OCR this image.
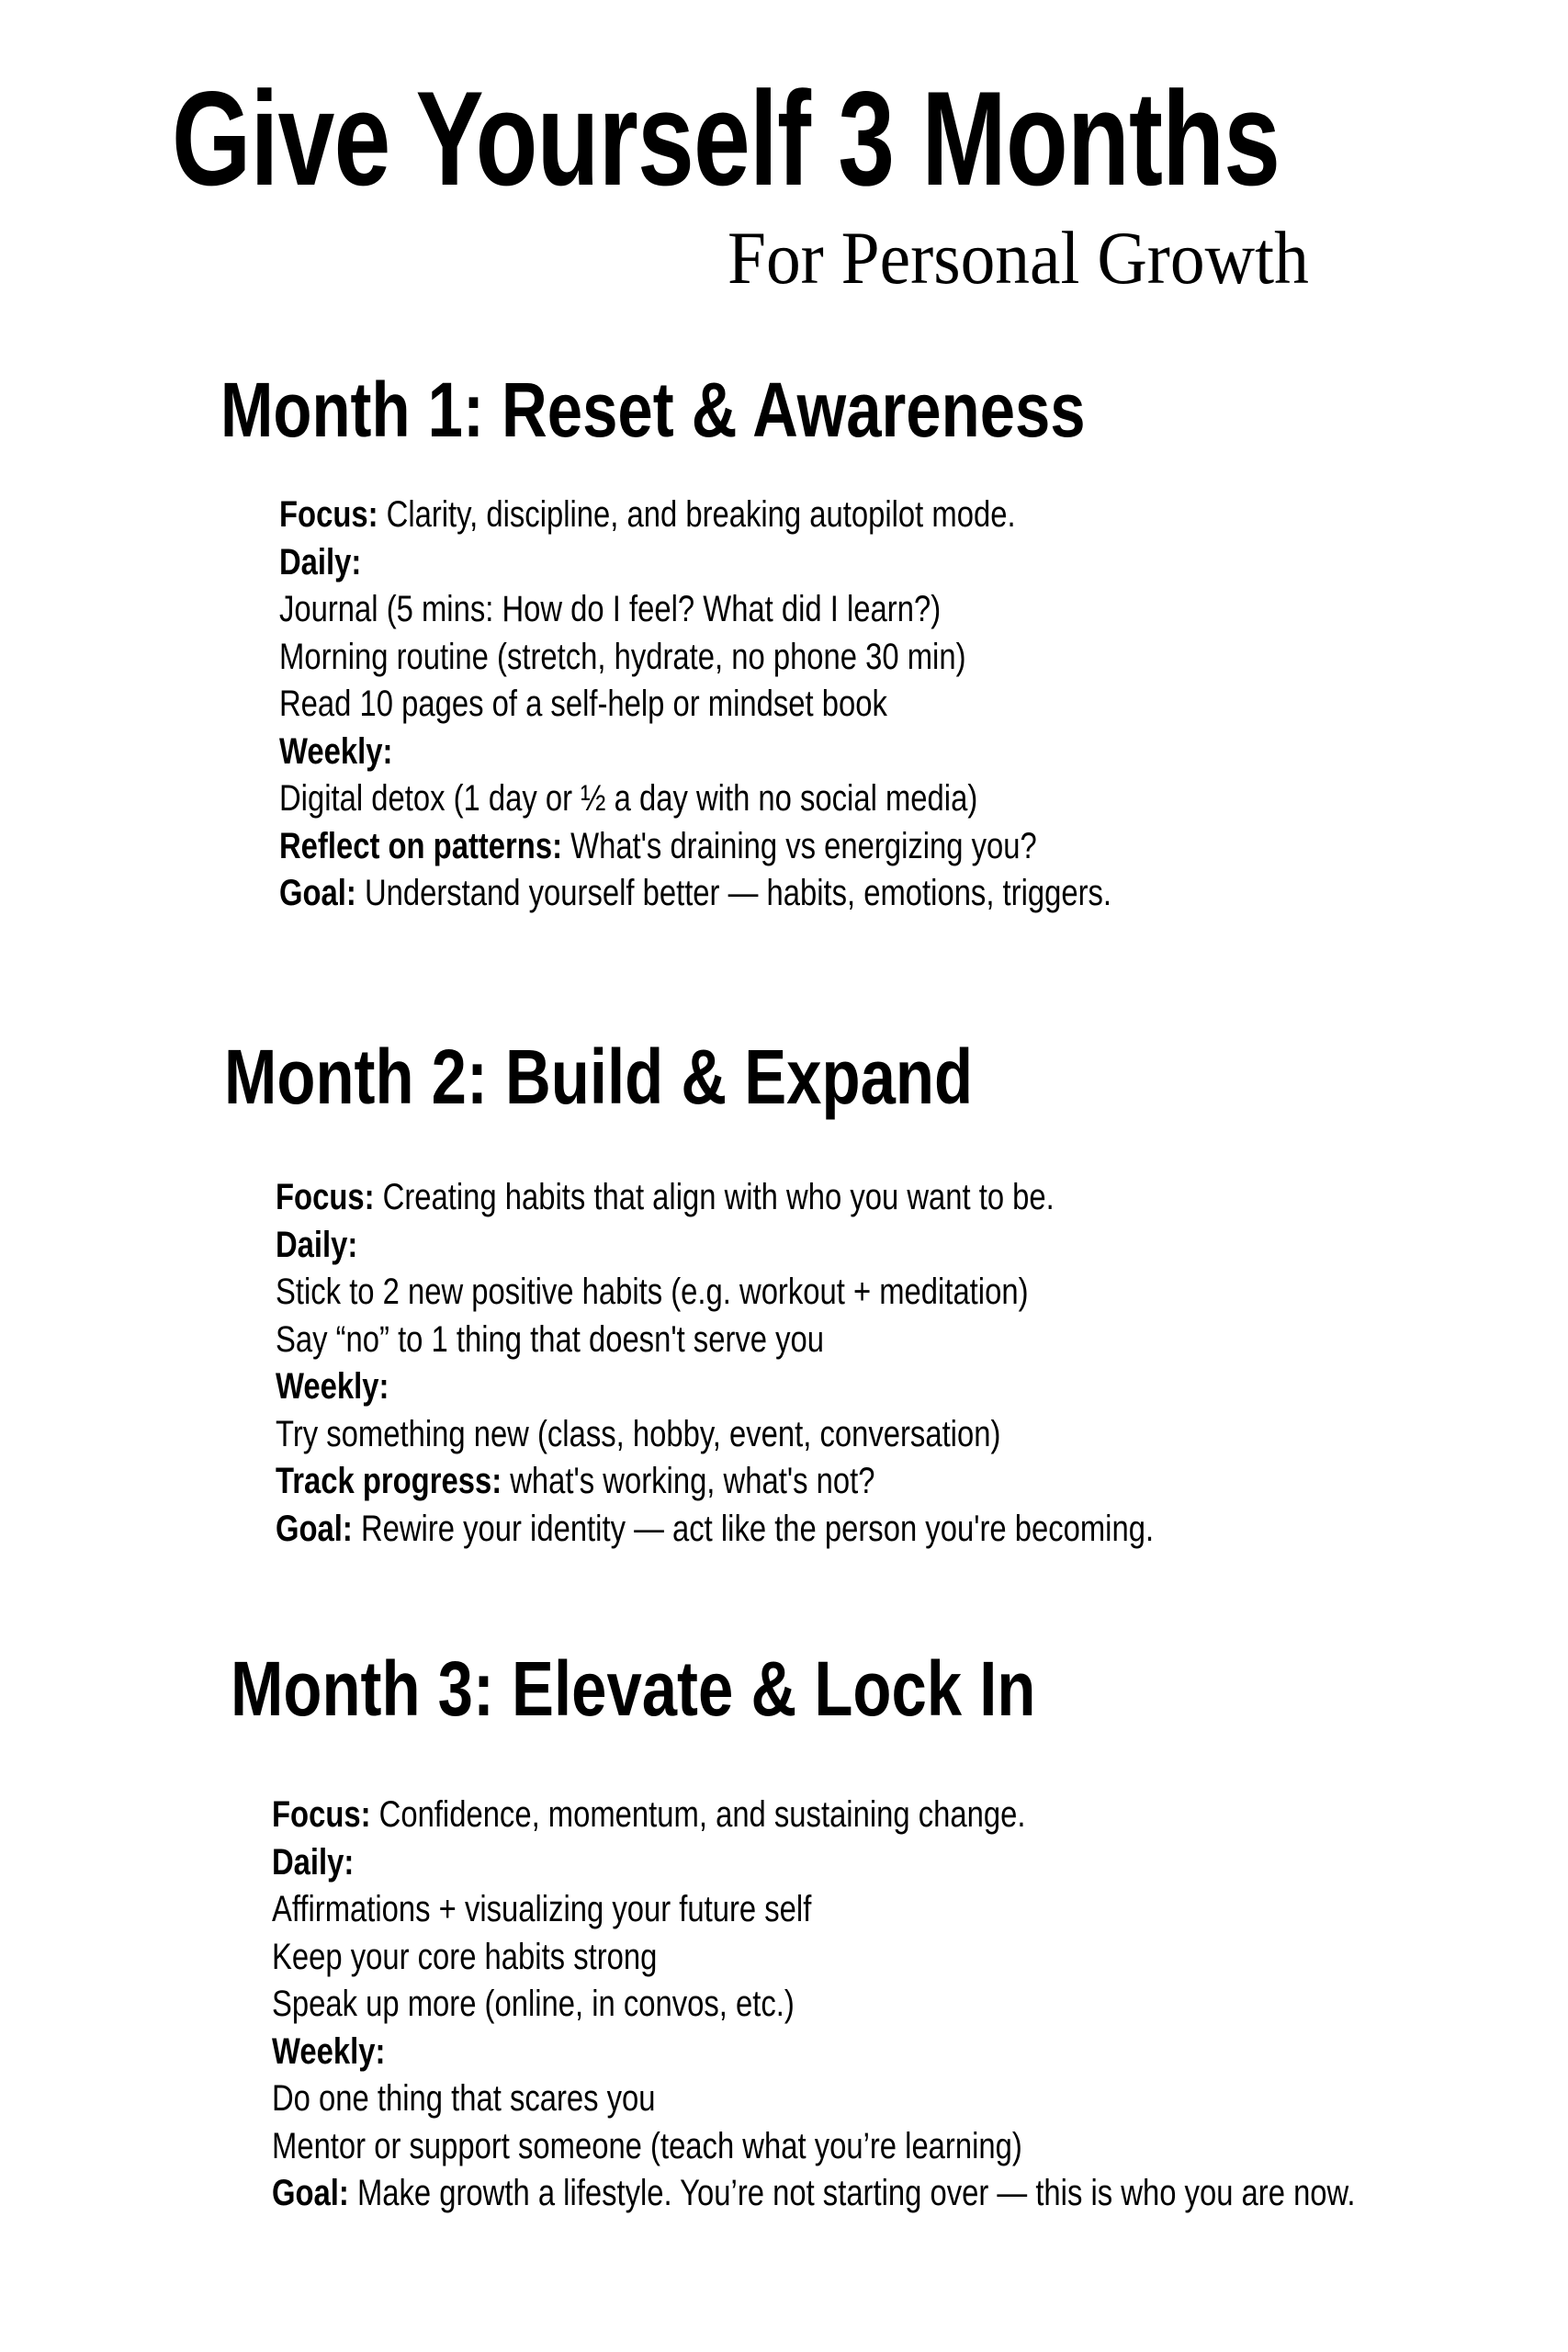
Give Yourself 3 Months
For Personal Growth
Month 1: Reset & Awareness
Focus: Clarity, discipline, and breaking autopilot mode.
Daily:
Journal (5 mins: How do I feel? What did I learn?)
Morning routine (stretch, hydrate, no phone 30 min)
Read 10 pages of a self-help or mindset book
Weekly:
Digital detox (1 day or ½ a day with no social media)
Reflect on patterns: What's draining vs energizing you?
Goal: Understand yourself better — habits, emotions, triggers.
Month 2: Build & Expand
Focus: Creating habits that align with who you want to be.
Daily:
Stick to 2 new positive habits (e.g. workout + meditation)
Say “no” to 1 thing that doesn't serve you
Weekly:
Try something new (class, hobby, event, conversation)
Track progress: what's working, what's not?
Goal: Rewire your identity — act like the person you're becoming.
Month 3: Elevate & Lock In
Focus: Confidence, momentum, and sustaining change.
Daily:
Affirmations + visualizing your future self
Keep your core habits strong
Speak up more (online, in convos, etc.)
Weekly:
Do one thing that scares you
Mentor or support someone (teach what you’re learning)
Goal: Make growth a lifestyle. You’re not starting over — this is who you are now.
